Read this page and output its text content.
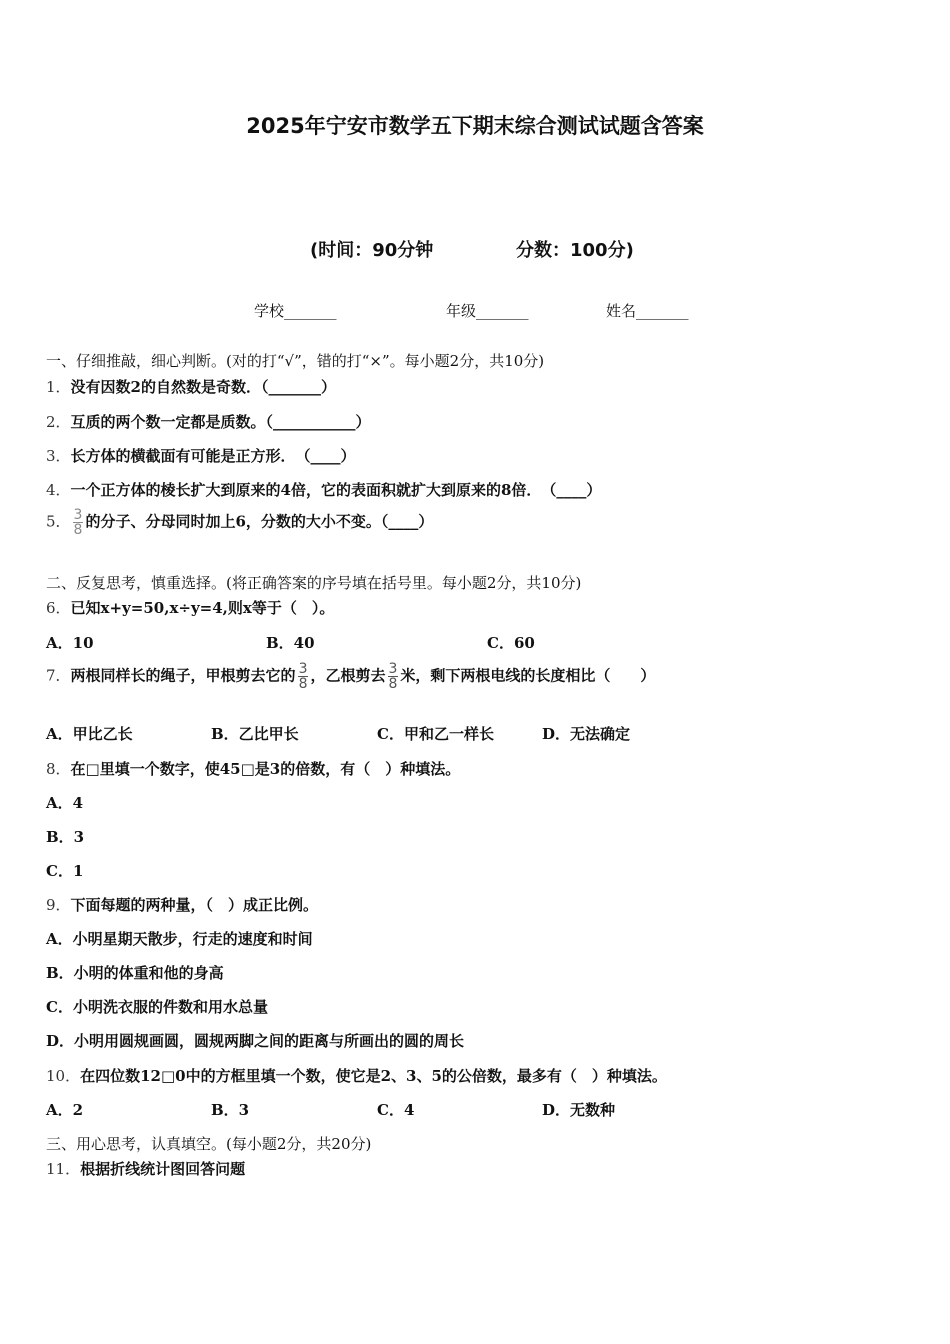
2025年宁安市数学五下期末综合测试试题含答案
(时间：90分钟	分数：100分)
学校_______	年级_______	姓名_______
一、仔细推敲，细心判断。(对的打“√”，错的打“×”。每小题2分，共10分)
1．没有因数2的自然数是奇数．（_______）
2．互质的两个数一定都是质数。（___________）
3．长方体的横截面有可能是正方形．　（____）
4．一个正方体的棱长扩大到原来的4倍，它的表面积就扩大到原来的8倍．　（____）
5． $\frac{3}{8}$ 的分子、分母同时加上6，分数的大小不变。（____）
二、反复思考，慎重选择。(将正确答案的序号填在括号里。每小题2分，共10分)
6．已知x+y=50,x÷y=4,则x等于（　）。
A．10	B．40	C．60
7．两根同样长的绳子，甲根剪去它的 $\frac{3}{8}$ ，乙根剪去 $\frac{3}{8}$ 米，剩下两根电线的长度相比（　　）
A．甲比乙长	B．乙比甲长	C．甲和乙一样长	D．无法确定
8．在□里填一个数字，使45□是3的倍数，有（　）种填法。
A．4
B．3
C．1
9．下面每题的两种量，（　）成正比例。
A．小明星期天散步，行走的速度和时间
B．小明的体重和他的身高
C．小明洗衣服的件数和用水总量
D．小明用圆规画圆，圆规两脚之间的距离与所画出的圆的周长
10．在四位数12□0中的方框里填一个数，使它是2、3、5的公倍数，最多有（　）种填法。
A．2	B．3	C．4	D．无数种
三、用心思考，认真填空。(每小题2分，共20分)
11．根据折线统计图回答问题
